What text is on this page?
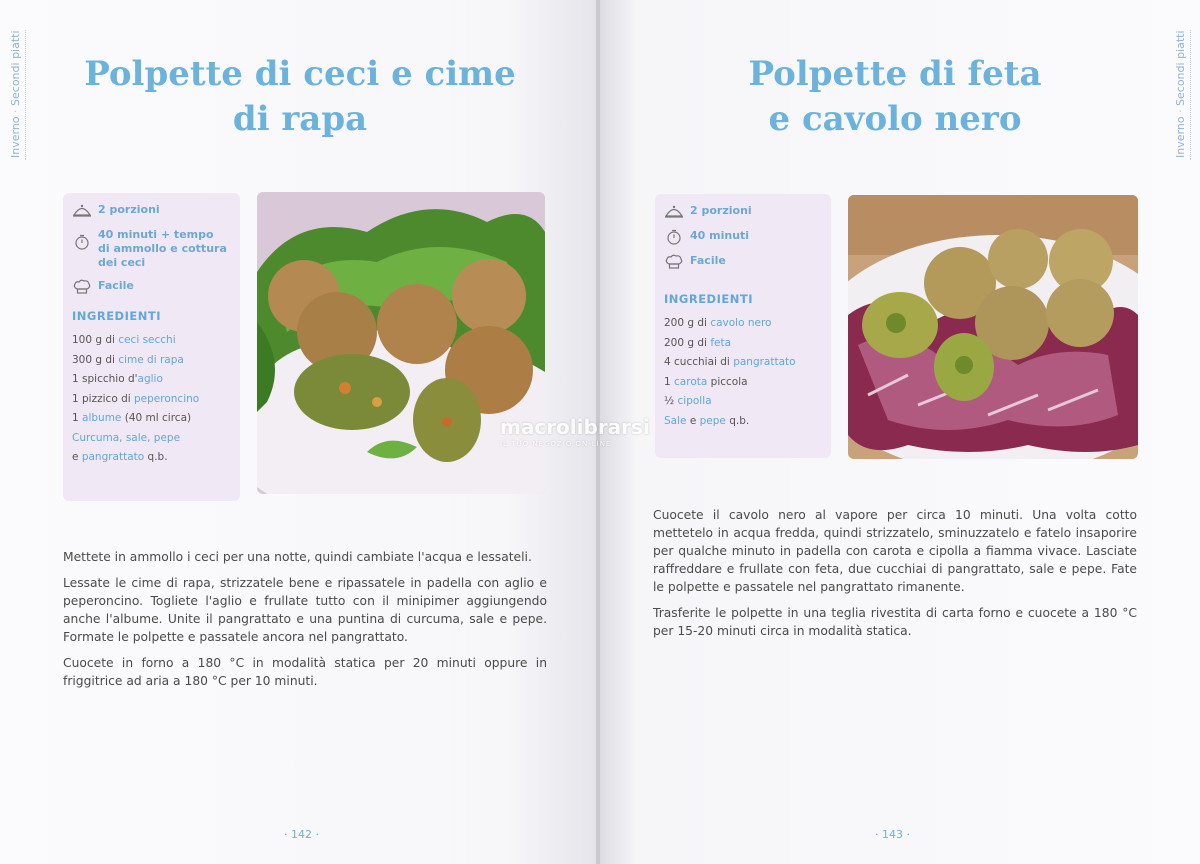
Inverno · Secondi piatti	Polpette di ceci e cime
di rapa
2 porzioni
40 minuti + tempo
di ammollo e cottura
dei ceci
Facile
INGREDIENTI
100 g di ceci secchi
300 g di cime di rapa
1 spicchio d'aglio
1 pizzico di peperoncino
1 albume (40 ml circa)
Curcuma, sale, pepe
e pangrattato q.b.

Mettete in ammollo i ceci per una notte, quindi cambiate l'acqua e lessateli.

Lessate le cime di rapa, strizzatele bene e ripassatele in padella con aglio e peperoncino. Togliete l'aglio e frullate tutto con il minipimer aggiungendo anche l'albume. Unite il pangrattato e una puntina di curcuma, sale e pepe. Formate le polpette e passatele ancora nel pangrattato.

Cuocete in forno a 180 °C in modalità statica per 20 minuti oppure in friggitrice ad aria a 180 °C per 10 minuti.

· 142 ·
Inverno · Secondi piatti
Polpette di feta
e cavolo nero
2 porzioni
40 minuti
Facile
INGREDIENTI
200 g di cavolo nero
200 g di feta
4 cucchiai di pangrattato
1 carota piccola
½ cipolla
Sale e pepe q.b.

Cuocete il cavolo nero al vapore per circa 10 minuti. Una volta cotto mettetelo in acqua fredda, quindi strizzatelo, sminuzzatelo e fatelo insaporire per qualche minuto in padella con carota e cipolla a fiamma vivace. Lasciate raffreddare e frullate con feta, due cucchiai di pangrattato, sale e pepe. Fate le polpette e passatele nel pangrattato rimanente.

Trasferite le polpette in una teglia rivestita di carta forno e cuocete a 180 °C per 15-20 minuti circa in modalità statica.

· 143 ·
macrolibrarsi
IL TUO NEGOZIO ON-LINE
